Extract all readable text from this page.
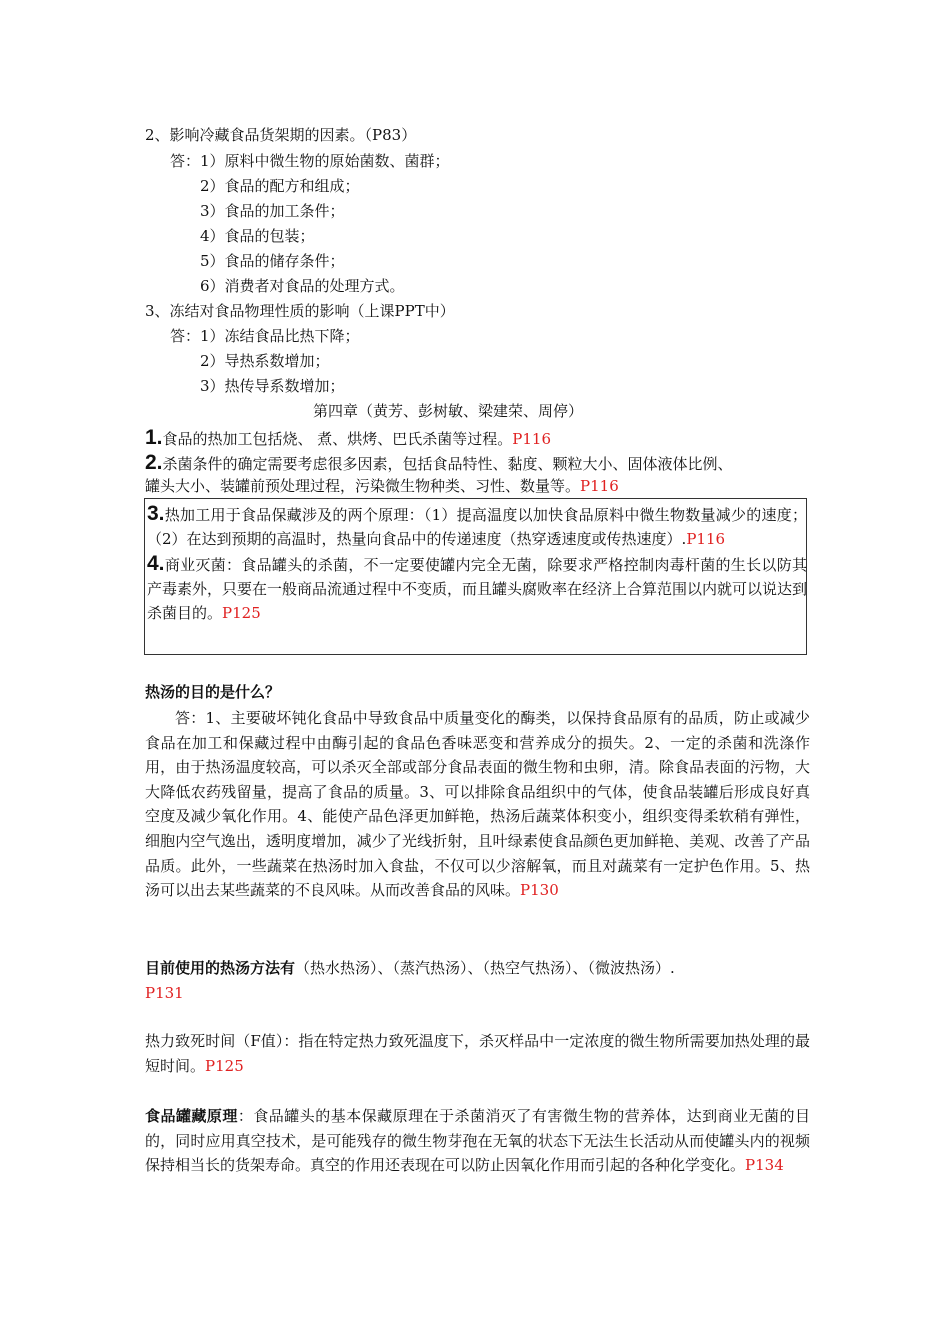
2、影响冷藏食品货架期的因素。（P83）
答：1）原料中微生物的原始菌数、菌群；
2）食品的配方和组成；
3）食品的加工条件；
4）食品的包装；
5）食品的储存条件；
6）消费者对食品的处理方式。
3、冻结对食品物理性质的影响（上课PPT中）
答：1）冻结食品比热下降；
2）导热系数增加；
3）热传导系数增加；
第四章（黄芳、彭树敏、梁建荣、周停）
1.食品的热加工包括烧、 煮、烘烤、巴氏杀菌等过程。P116
2.杀菌条件的确定需要考虑很多因素，包括食品特性、黏度、颗粒大小、固体液体比例、
罐头大小、装罐前预处理过程，污染微生物种类、习性、数量等。P116

3.热加工用于食品保藏涉及的两个原理：（1）提高温度以加快食品原料中微生物数量减少的速度；（2）在达到预期的高温时，热量向食品中的传递速度（热穿透速度或传热速度）.P116

4.商业灭菌：食品罐头的杀菌，不一定要使罐内完全无菌，除要求严格控制肉毒杆菌的生长以防其产毒素外，只要在一般商品流通过程中不变质，而且罐头腐败率在经济上合算范围以内就可以说达到杀菌目的。P125

热汤的目的是什么？
答：1、主要破坏钝化食品中导致食品中质量变化的酶类，以保持食品原有的品质，防止或减少食品在加工和保藏过程中由酶引起的食品色香味恶变和营养成分的损失。2、一定的杀菌和洗涤作用，由于热汤温度较高，可以杀灭全部或部分食品表面的微生物和虫卵，清。除食品表面的污物，大大降低农药残留量，提高了食品的质量。3、可以排除食品组织中的气体，使食品装罐后形成良好真空度及减少氧化作用。4、能使产品色泽更加鲜艳，热汤后蔬菜体积变小，组织变得柔软稍有弹性，细胞内空气逸出，透明度增加，减少了光线折射，且叶绿素使食品颜色更加鲜艳、美观、改善了产品品质。此外，一些蔬菜在热汤时加入食盐，不仅可以少溶解氧，而且对蔬菜有一定护色作用。5、热汤可以出去某些蔬菜的不良风味。从而改善食品的风味。P130
目前使用的热汤方法有（热水热汤）、（蒸汽热汤）、（热空气热汤）、（微波热汤）.
P131
热力致死时间（F值）：指在特定热力致死温度下，杀灭样品中一定浓度的微生物所需要加热处理的最短时间。P125
食品罐藏原理：食品罐头的基本保藏原理在于杀菌消灭了有害微生物的营养体，达到商业无菌的目的，同时应用真空技术，是可能残存的微生物芽孢在无氧的状态下无法生长活动从而使罐头内的视频保持相当长的货架寿命。真空的作用还表现在可以防止因氧化作用而引起的各种化学变化。P134
